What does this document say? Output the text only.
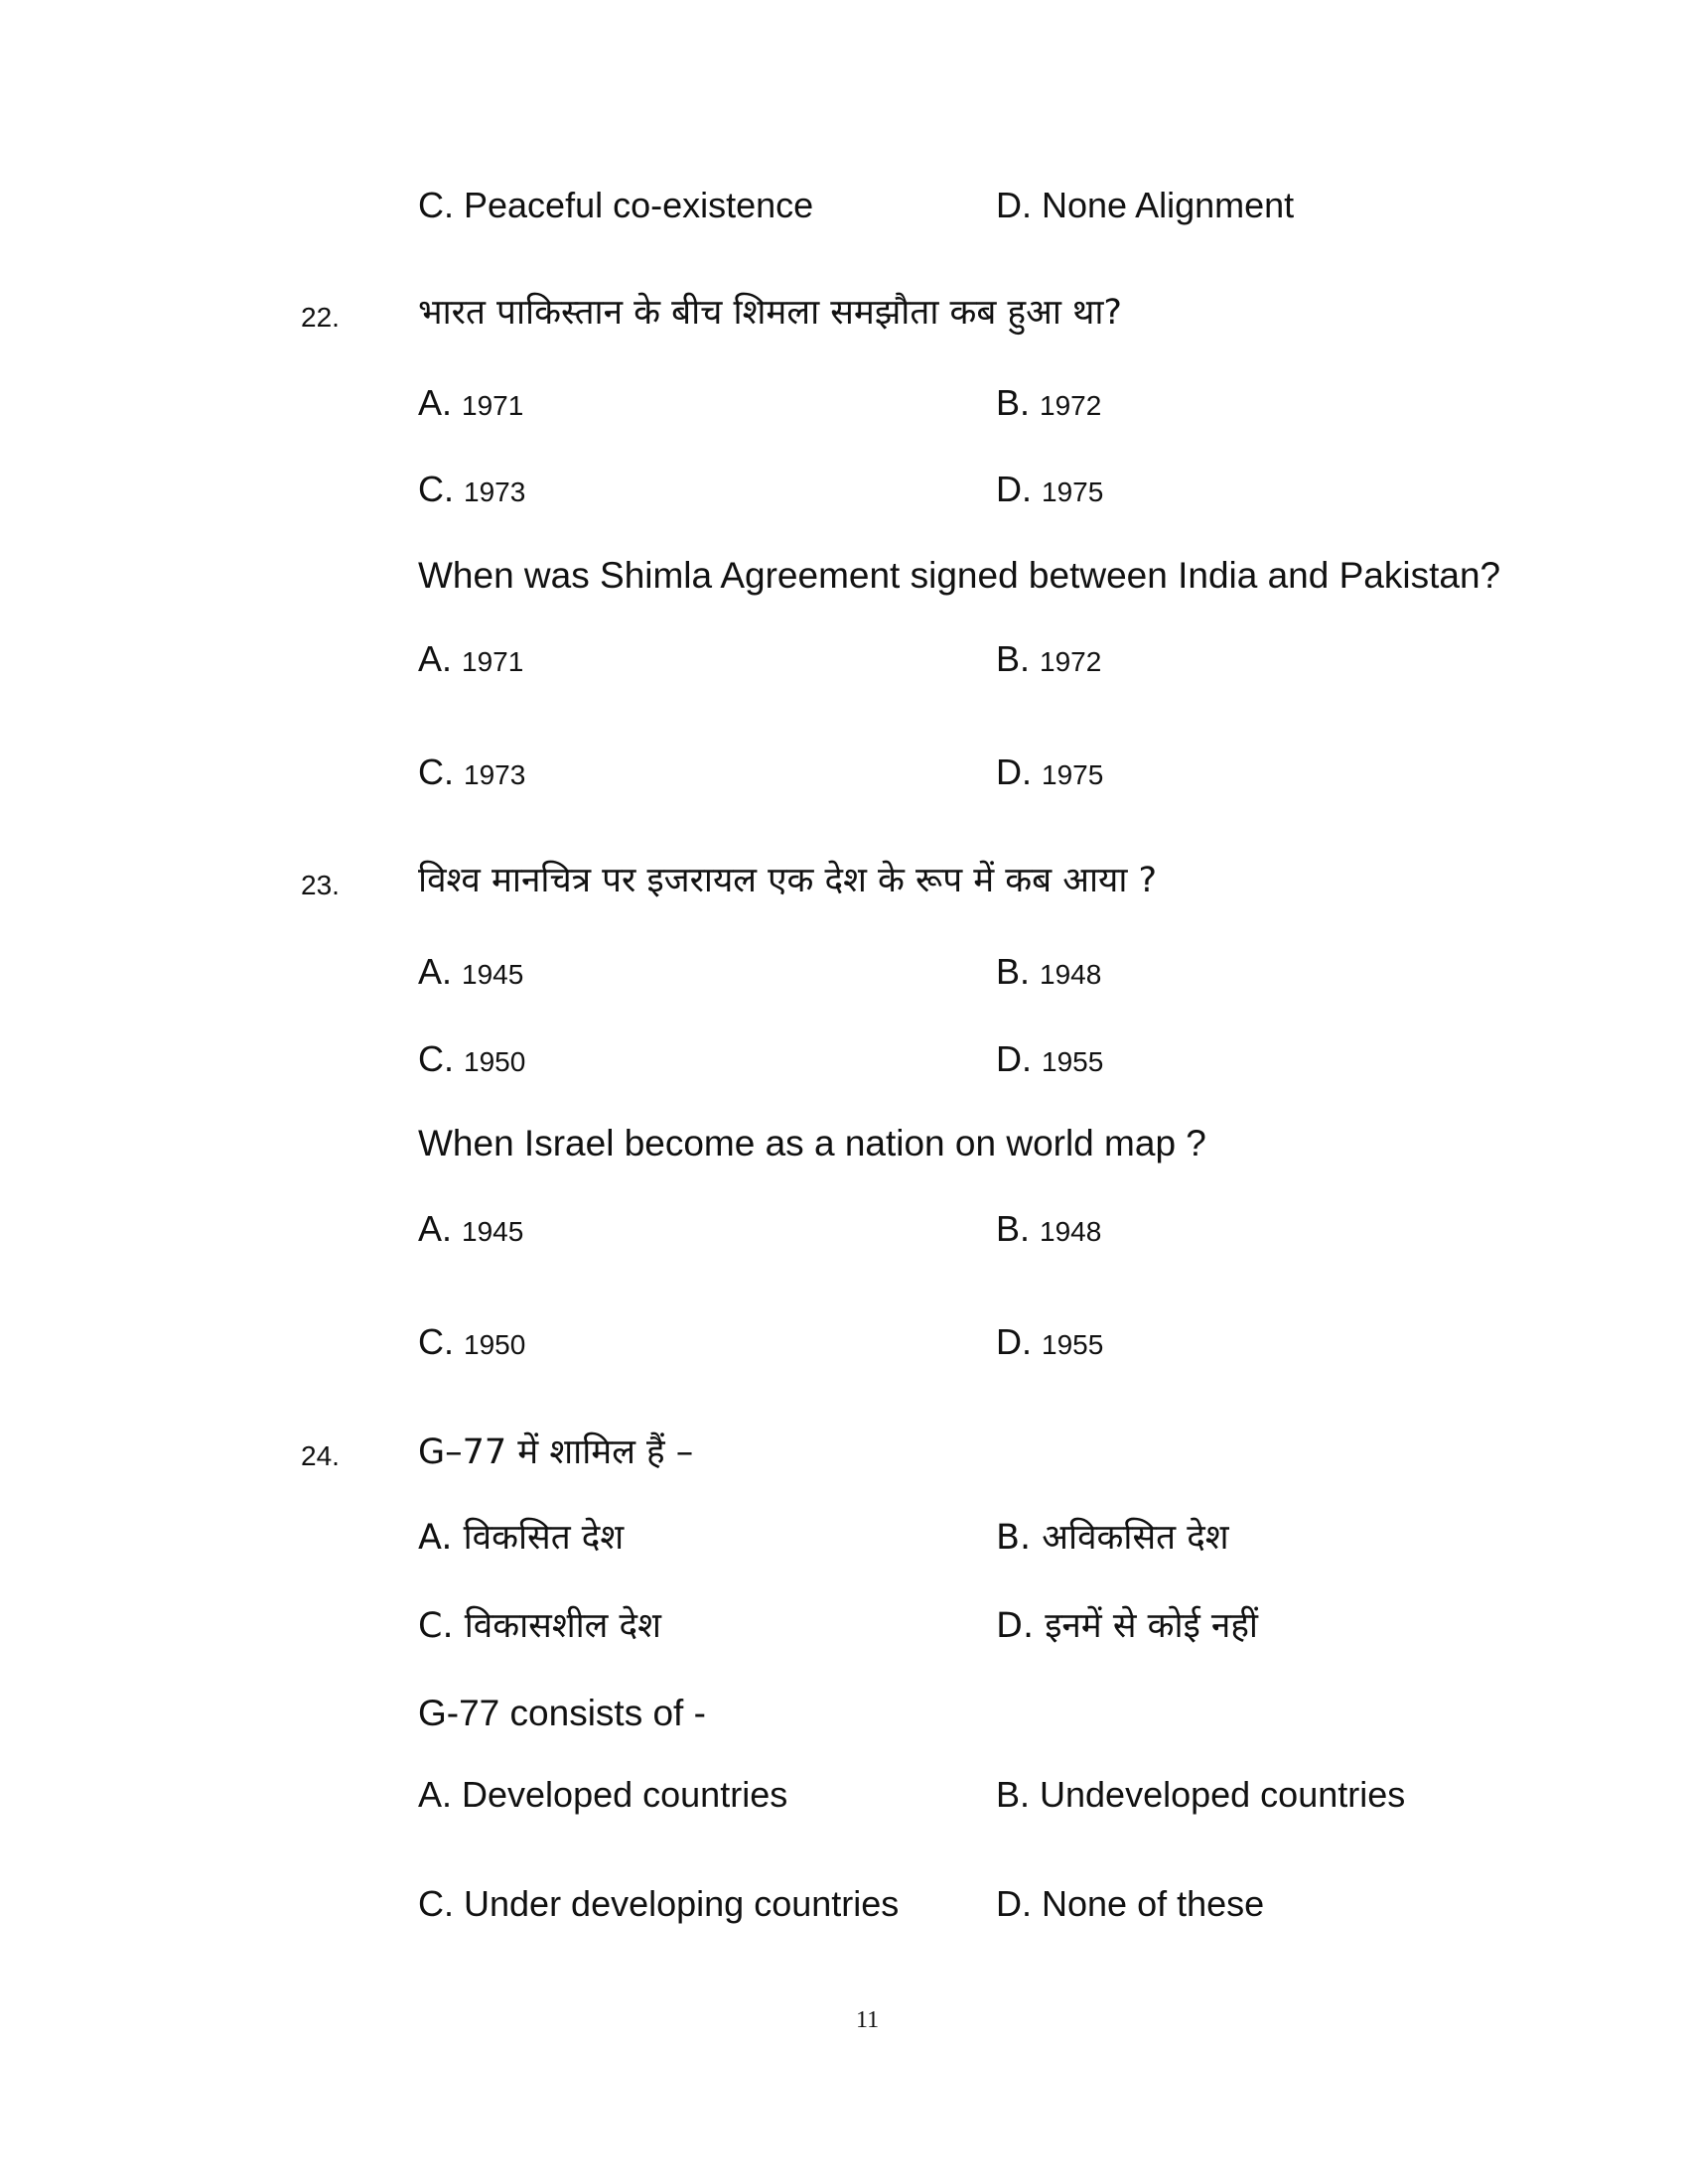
C. Peaceful co-existence	D. None Alignment
22. भारत पाकिस्तान के बीच शिमला समझौता कब हुआ था?
A. 1971	B. 1972
C. 1973	D. 1975
When was Shimla Agreement signed between India and Pakistan?
A. 1971	B. 1972
C. 1973	D. 1975
23. विश्व मानचित्र पर इजरायल एक देश के रूप में कब आया ?
A. 1945	B. 1948
C. 1950	D. 1955
When Israel become as a nation on world map ?
A. 1945	B. 1948
C. 1950	D. 1955
24. G–77 में शामिल हैं –
A. विकसित देश	B. अविकसित देश
C. विकासशील देश	D. इनमें से कोई नहीं
G-77 consists of -
A. Developed countries	B. Undeveloped countries
C. Under developing countries	D. None of these
11
